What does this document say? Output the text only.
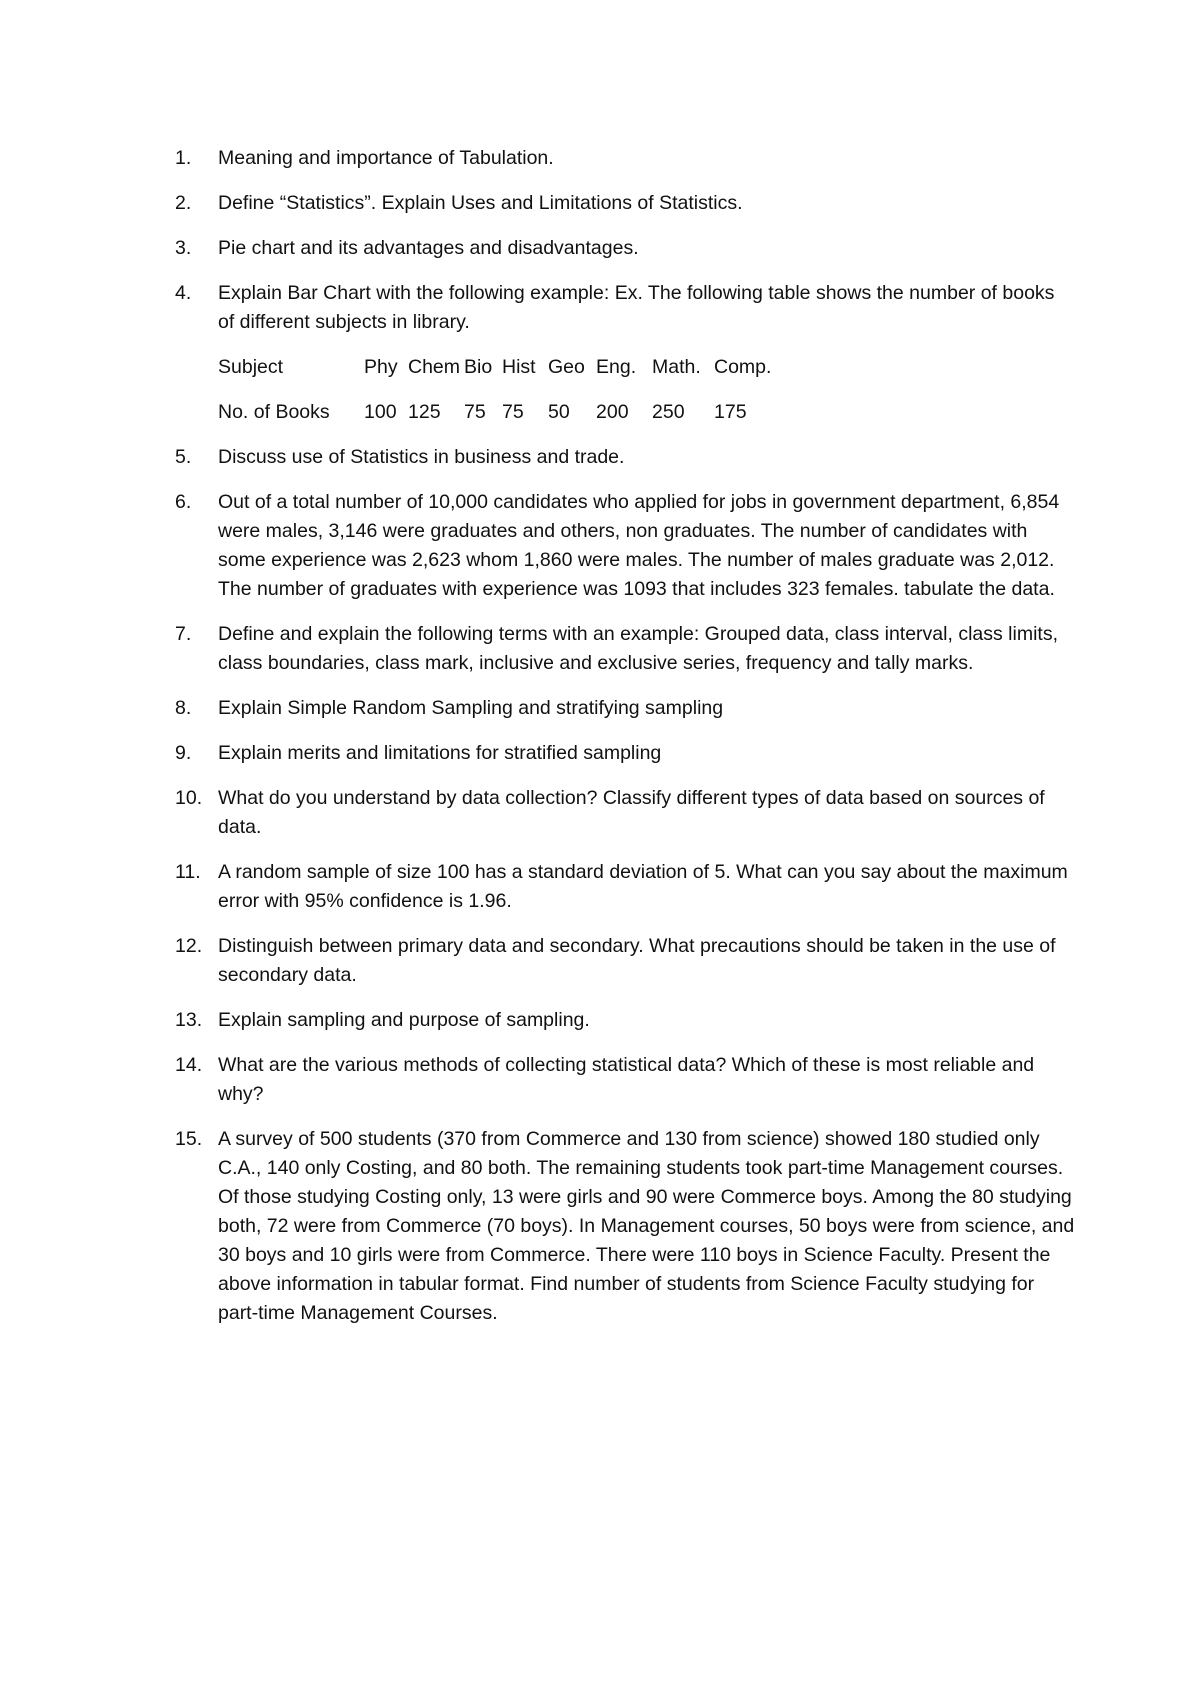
1.	Meaning and importance of Tabulation.
2.	Define “Statistics”. Explain Uses and Limitations of Statistics.
3.	Pie chart and its advantages and disadvantages.
4.	Explain Bar Chart with the following example: Ex. The following table shows the number of books of different subjects in library.
Subject	Phy	Chem	Bio	Hist	Geo	Eng.	Math.	Comp.
No. of Books	100	125	75	75	50	200	250	175
5.	Discuss use of Statistics in business and trade.
6.	Out of a total number of 10,000 candidates who applied for jobs in government department, 6,854 were males, 3,146 were graduates and others, non graduates. The number of candidates with some experience was 2,623 whom 1,860 were males. The number of males graduate was 2,012. The number of graduates with experience was 1093 that includes 323 females. tabulate the data.
7.	Define and explain the following terms with an example: Grouped data, class interval, class limits, class boundaries, class mark, inclusive and exclusive series, frequency and tally marks.
8.	Explain Simple Random Sampling and stratifying sampling
9.	Explain merits and limitations for stratified sampling
10. What do you understand by data collection? Classify different types of data based on sources of data.
11. A random sample of size 100 has a standard deviation of 5. What can you say about the maximum error with 95% confidence is 1.96.
12. Distinguish between primary data and secondary. What precautions should be taken in the use of secondary data.
13. Explain sampling and purpose of sampling.
14. What are the various methods of collecting statistical data? Which of these is most reliable and why?
15. A survey of 500 students (370 from Commerce and 130 from science) showed 180 studied only C.A., 140 only Costing, and 80 both. The remaining students took part-time Management courses. Of those studying Costing only, 13 were girls and 90 were Commerce boys. Among the 80 studying both, 72 were from Commerce (70 boys). In Management courses, 50 boys were from science, and 30 boys and 10 girls were from Commerce. There were 110 boys in Science Faculty. Present the above information in tabular format. Find number of students from Science Faculty studying for part-time Management Courses.
